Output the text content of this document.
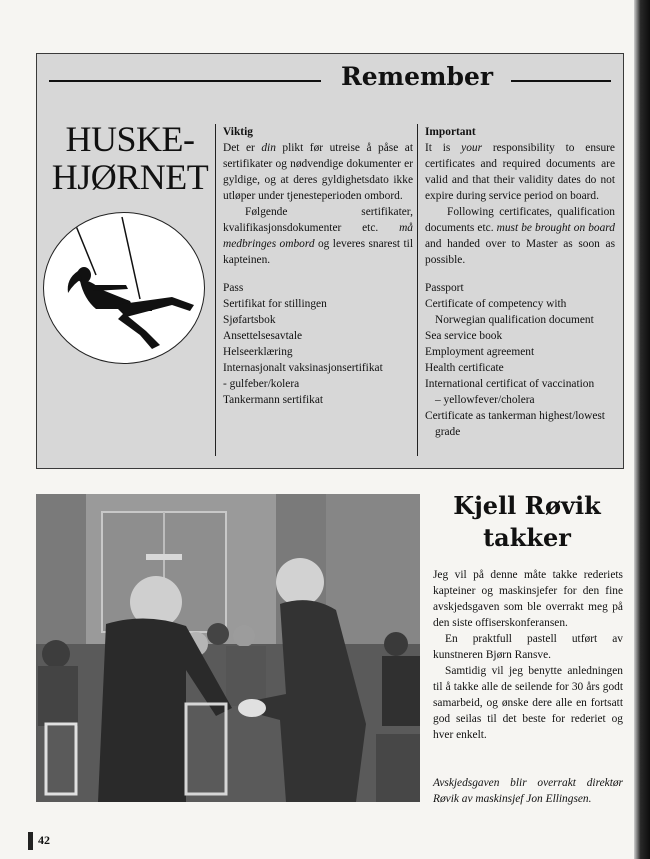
Remember
HUSKE-
HJØRNET
Viktig

Det er din plikt før utreise å påse at sertifikater og nødvendige dokumenter er gyldige, og at deres gyldighetsdato ikke utløper under tjenesteperioden ombord.

Følgende sertifikater, kvalifikasjonsdokumenter etc. må medbringes ombord og leveres snarest til kapteinen.

Pass
Sertifikat for stillingen
Sjøfartsbok
Ansettelsesavtale
Helseerklæring
Internasjonalt vaksinasjonsertifikat
- gulfeber/kolera
Tankermann sertifikat
Important

It is your responsibility to ensure certificates and required documents are valid and that their validity dates do not expire during service period on board.

Following certificates, qualification documents etc. must be brought on board and handed over to Master as soon as possible.

Passport
Certificate of competency with
Norwegian qualification document
Sea service book
Employment agreement
Health certificate
International certificat of vaccination
– yellowfever/cholera
Certificate as tankerman highest/lowest
grade
Kjell Røvik
takker

Jeg vil på denne måte takke rederiets kapteiner og maskinsjefer for den fine avskjedsgaven som ble overrakt meg på den siste offiserskonferansen.

En praktfull pastell utført av kunstneren Bjørn Ransve.

Samtidig vil jeg benytte anledningen til å takke alle de seilende for 30 års godt samarbeid, og ønske dere alle en fortsatt god seilas til det beste for rederiet og hver enkelt.

Avskjedsgaven blir overrakt direktør Røvik av maskinsjef Jon Ellingsen.
42
